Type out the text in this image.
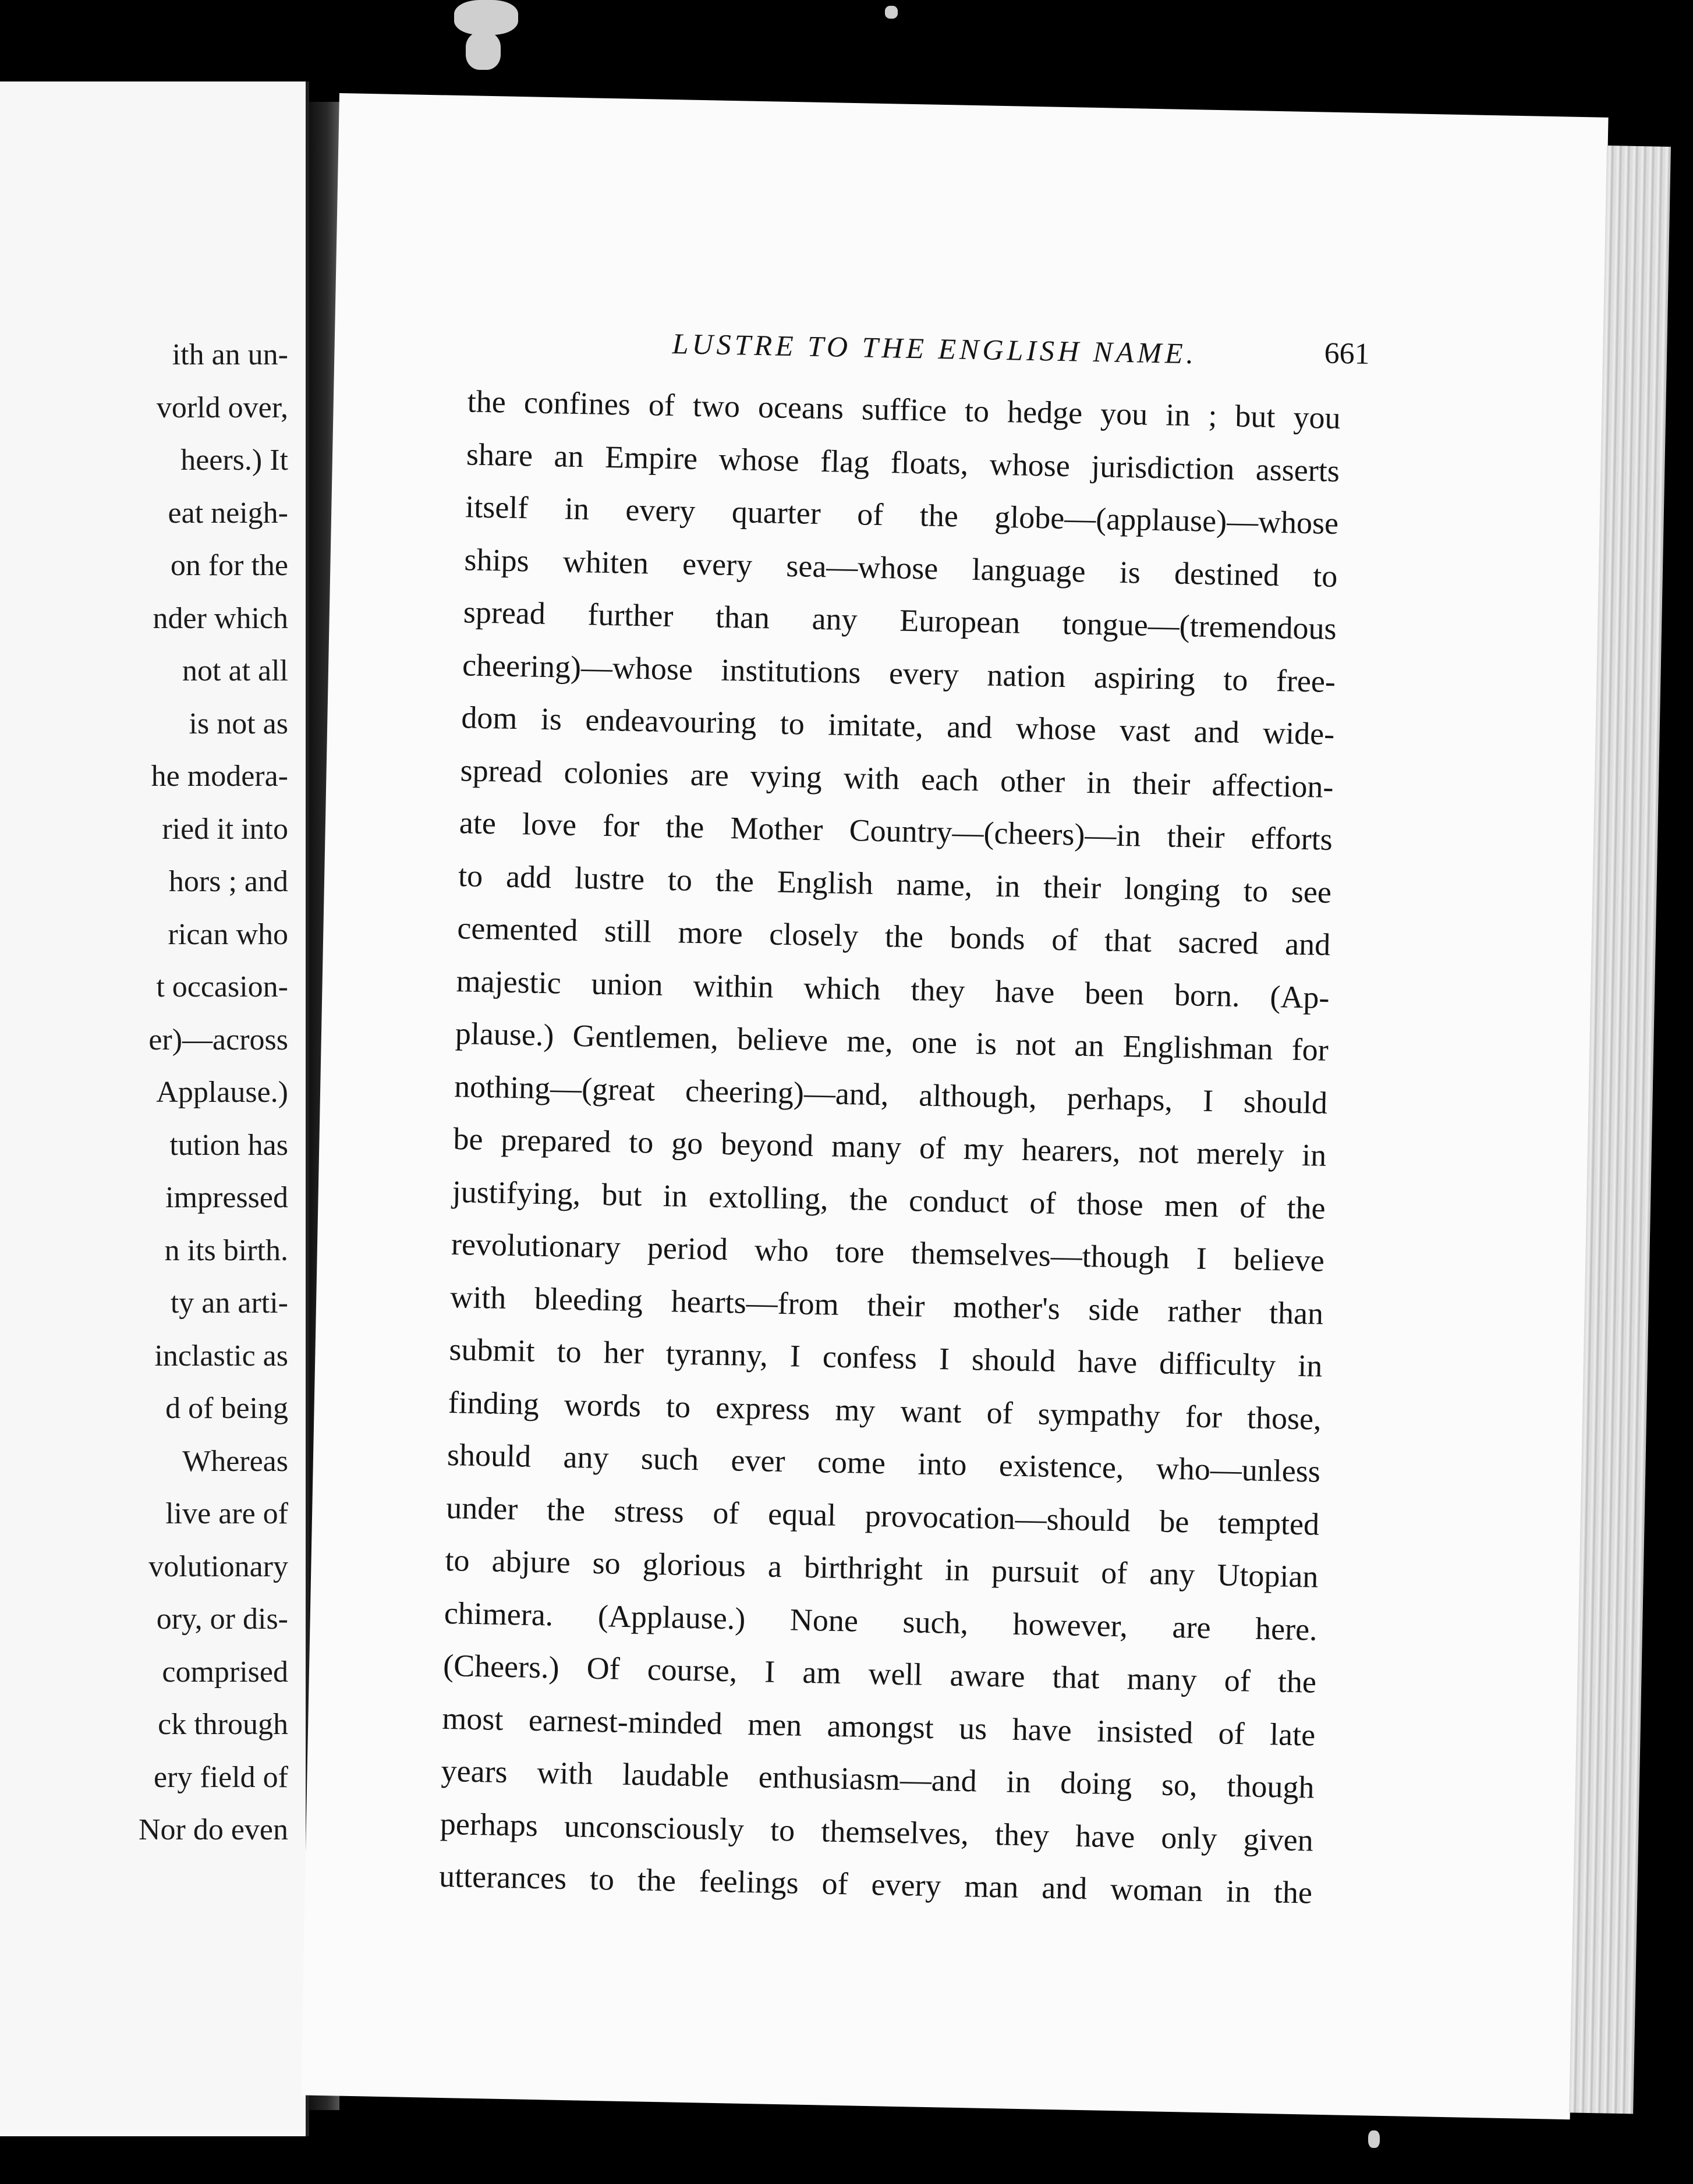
ith an un-
vorld over,
heers.) It
eat neigh-
on for the
nder which
not at all
is not as
he modera-
ried it into
hors ; and
rican who
t occasion-
er)—across
Applause.)
tution has
impressed
n its birth.
ty an arti-
inclastic as
d of being
Whereas
live are of
volutionary
ory, or dis-
comprised
ck through
ery field of
Nor do even
LUSTRE TO THE ENGLISH NAME.	661
the confines of two oceans suffice to hedge you in ; but you
share an Empire whose flag floats, whose jurisdiction asserts
itself in every quarter of the globe—(applause)—whose
ships whiten every sea—whose language is destined to
spread further than any European tongue—(tremendous
cheering)—whose institutions every nation aspiring to free-
dom is endeavouring to imitate, and whose vast and wide-
spread colonies are vying with each other in their affection-
ate love for the Mother Country—(cheers)—in their efforts
to add lustre to the English name, in their longing to see
cemented still more closely the bonds of that sacred and
majestic union within which they have been born. (Ap-
plause.) Gentlemen, believe me, one is not an Englishman for
nothing—(great cheering)—and, although, perhaps, I should
be prepared to go beyond many of my hearers, not merely in
justifying, but in extolling, the conduct of those men of the
revolutionary period who tore themselves—though I believe
with bleeding hearts—from their mother's side rather than
submit to her tyranny, I confess I should have difficulty in
finding words to express my want of sympathy for those,
should any such ever come into existence, who—unless
under the stress of equal provocation—should be tempted
to abjure so glorious a birthright in pursuit of any Utopian
chimera. (Applause.) None such, however, are here.
(Cheers.) Of course, I am well aware that many of the
most earnest-minded men amongst us have insisted of late
years with laudable enthusiasm—and in doing so, though
perhaps unconsciously to themselves, they have only given
utterances to the feelings of every man and woman in the
